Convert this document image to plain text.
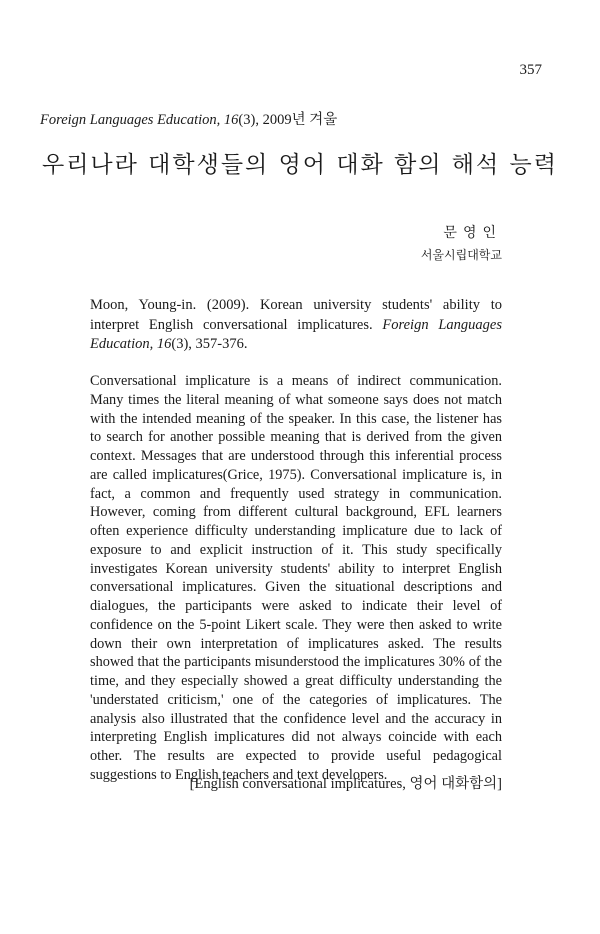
357
Foreign Languages Education, 16(3), 2009년 겨울
우리나라 대학생들의 영어 대화 함의 해석 능력
문영인
서울시립대학교
Moon, Young-in. (2009). Korean university students' ability to interpret English conversational implicatures. Foreign Languages Education, 16(3), 357-376.
Conversational implicature is a means of indirect communication. Many times the literal meaning of what someone says does not match with the intended meaning of the speaker. In this case, the listener has to search for another possible meaning that is derived from the given context. Messages that are understood through this inferential process are called implicatures(Grice, 1975). Conversational implicature is, in fact, a common and frequently used strategy in communication. However, coming from different cultural background, EFL learners often experience difficulty understanding implicature due to lack of exposure to and explicit instruction of it. This study specifically investigates Korean university students' ability to interpret English conversational implicatures. Given the situational descriptions and dialogues, the participants were asked to indicate their level of confidence on the 5-point Likert scale. They were then asked to write down their own interpretation of implicatures asked. The results showed that the participants misunderstood the implicatures 30% of the time, and they especially showed a great difficulty understanding the 'understated criticism,' one of the categories of implicatures. The analysis also illustrated that the confidence level and the accuracy in interpreting English implicatures did not always coincide with each other. The results are expected to provide useful pedagogical suggestions to English teachers and text developers.
[English conversational implicatures, 영어 대화함의]
